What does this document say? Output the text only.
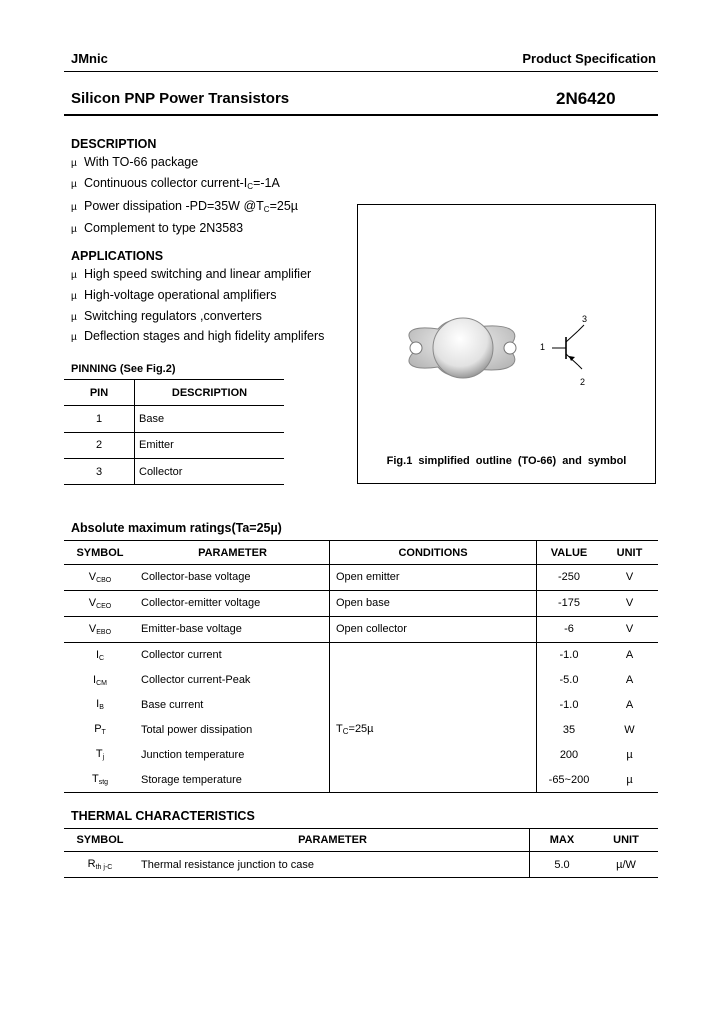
JMnic	Product Specification
Silicon PNP Power Transistors	2N6420
DESCRIPTION
µ With TO-66 package
µ Continuous collector current-$I_C=-1A$
µ Power dissipation -PD=35W $@T_C=25\mu$
µ Complement to type 2N3583
APPLICATIONS
µ High speed switching and linear amplifier
µ High-voltage operational amplifiers
µ Switching regulators ,converters
µ Deflection stages and high fidelity amplifers
PINNING (See Fig.2)
PIN	DESCRIPTION
1	Base
2	Emitter
3	Collector
1
2
3
Fig.1 simplified outline (TO-66) and symbol
Absolute maximum ratings(Ta=25µ)
SYMBOL	PARAMETER	CONDITIONS	VALUE	UNIT
VCBO	Collector-base voltage	Open emitter	-250	V
VCEO	Collector-emitter voltage	Open base	-175	V
VEBO	Emitter-base voltage	Open collector	-6	V
IC	Collector current		-1.0	A
ICM	Collector current-Peak		-5.0	A
IB	Base current		-1.0	A
PT	Total power dissipation	$T_C=25\mu$	35	W
Tj	Junction temperature		200	µ
Tstg	Storage temperature		-65~200	µ
THERMAL CHARACTERISTICS
SYMBOL	PARAMETER	MAX	UNIT
Rth j-C	Thermal resistance junction to case	5.0	µ/W
